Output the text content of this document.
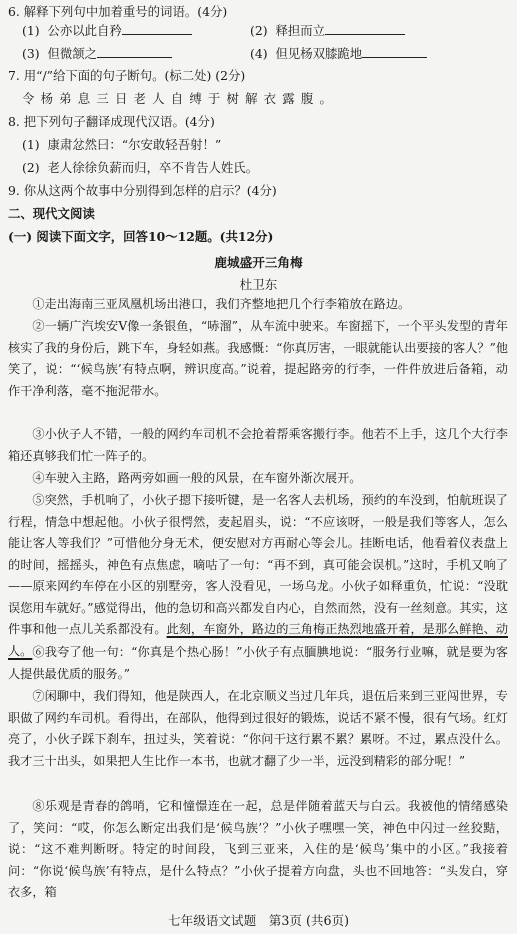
6. 解释下列句中加着重号的词语。(4分)
(1) 公亦以此自矜	(2) 释担而立
(3) 但微颔之	(4) 但见杨双膝跪地
7. 用“/”给下面的句子断句。(标二处) (2分)
令杨弟息三日老人自缚于树解衣露腹。
8. 把下列句子翻译成现代汉语。(4分)
(1) 康肃忿然曰：“尔安敢轻吾射！”
(2) 老人徐徐负薪而归，卒不肯告人姓氏。
9. 你从这两个故事中分别得到怎样的启示？(4分)
二、现代文阅读
(一) 阅读下面文字，回答10～12题。(共12分)
鹿城盛开三角梅
杜卫东
①走出海南三亚凤凰机场出港口，我们齐整地把几个行李箱放在路边。
②一辆广汽埃安V像一条银鱼，“哧溜”，从车流中驶来。车窗摇下，一个平头发型的青年核实了我的身份后，跳下车，身轻如燕。我感慨：“你真厉害，一眼就能认出要接的客人？”他笑了，说：“‘候鸟族’有特点啊，辨识度高。”说着，提起路旁的行李，一件件放进后备箱，动作干净利落，毫不拖泥带水。
③小伙子人不错，一般的网约车司机不会抢着帮乘客搬行李。他若不上手，这几个大行李箱还真够我们忙一阵子的。
④车驶入主路，路两旁如画一般的风景，在车窗外渐次展开。
⑤突然，手机响了，小伙子摁下接听键，是一名客人去机场，预约的车没到，怕航班误了行程，情急中想起他。小伙子很愕然，麦起眉头，说：“不应该呀，一般是我们等客人，怎么能让客人等我们？”可惜他分身无术，便安慰对方再耐心等会儿。挂断电话，他看着仪表盘上的时间，摇摇头，神色有点焦虑，嘀咕了一句：“再不到，真可能会误机。”这时，手机又响了——原来网约车停在小区的别墅旁，客人没看见，一场乌龙。小伙子如释重负，忙说：“没耽误您用车就好。”感觉得出，他的急切和高兴都发自内心，自然而然，没有一丝刻意。其实，这件事和他一点儿关系都没有。此刻，车窗外，路边的三角梅正热烈地盛开着，是那么鲜艳、动人。 ⑥我夸了他一句：“你真是个热心肠！”小伙子有点腼腆地说：“服务行业嘛，就是要为客人提供最优质的服务。”
⑦闲聊中，我们得知，他是陕西人，在北京顺义当过几年兵，退伍后来到三亚闯世界，专职做了网约车司机。看得出，在部队，他得到过很好的锻炼，说话不紧不慢，很有气场。红灯亮了，小伙子踩下刹车，扭过头，笑着说：“你问干这行累不累？累呀。不过，累点没什么。我才三十出头，如果把人生比作一本书，也就才翻了少一半，远没到精彩的部分呢！”
⑧乐观是青春的鸽哨，它和憧憬连在一起，总是伴随着蓝天与白云。我被他的情绪感染了，笑问：“哎，你怎么断定出我们是‘候鸟族’？”小伙子嘿嘿一笑，神色中闪过一丝狡黠，说：“这不难判断呀。特定的时间段，飞到三亚来，入住的是‘候鸟’集中的小区。”我接着问：“你说‘候鸟族’有特点，是什么特点？”小伙子提着方向盘，头也不回地答：“头发白，穿衣多，箱
七年级语文试题　第3页 (共6页)
